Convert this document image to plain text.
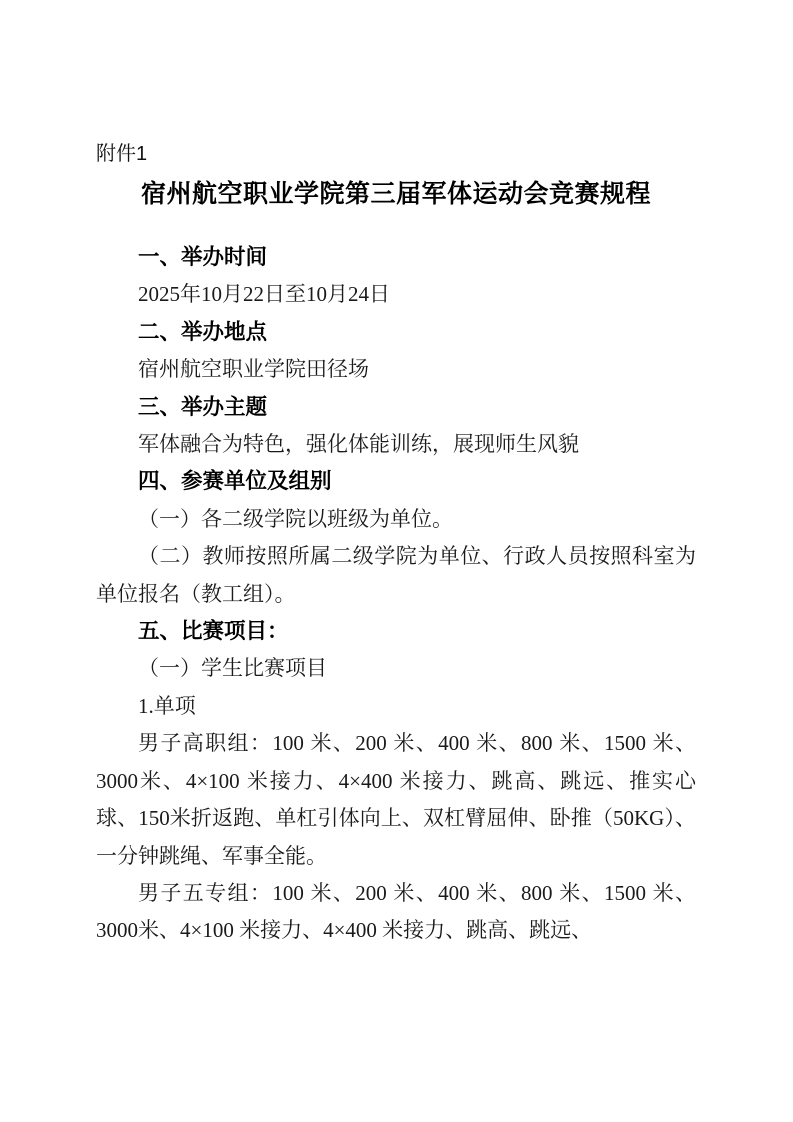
附件1
宿州航空职业学院第三届军体运动会竞赛规程

一、举办时间

2025年10月22日至10月24日

二、举办地点

宿州航空职业学院田径场

三、举办主题

军体融合为特色，强化体能训练，展现师生风貌

四、参赛单位及组别

（一）各二级学院以班级为单位。

（二）教师按照所属二级学院为单位、行政人员按照科室为单位报名（教工组）。

五、比赛项目：

（一）学生比赛项目

1.单项

男子高职组：100 米、200 米、400 米、800 米、1500 米、3000米、4×100 米接力、4×400 米接力、跳高、跳远、推实心球、150米折返跑、单杠引体向上、双杠臂屈伸、卧推（50KG）、一分钟跳绳、军事全能。

男子五专组：100 米、200 米、400 米、800 米、1500 米、3000米、4×100 米接力、4×400 米接力、跳高、跳远、
